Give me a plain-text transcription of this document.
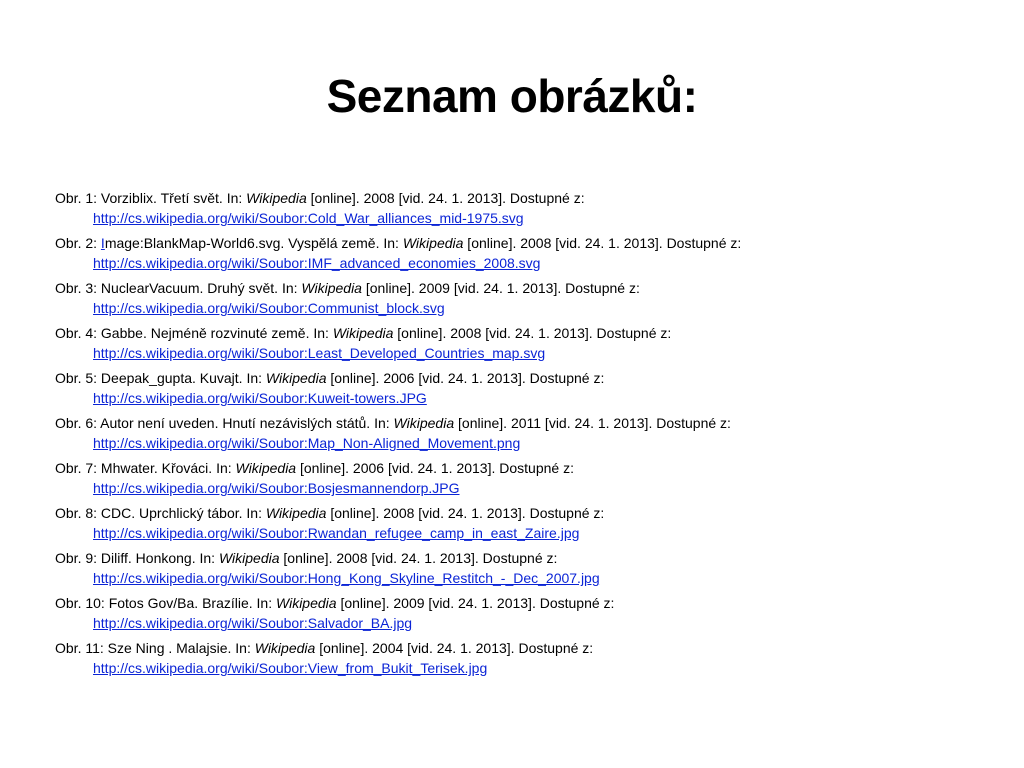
Seznam obrázků:
Obr. 1: Vorziblix. Třetí svět. In: Wikipedia [online]. 2008 [vid. 24. 1. 2013]. Dostupné z:
http://cs.wikipedia.org/wiki/Soubor:Cold_War_alliances_mid-1975.svg
Obr. 2: Image:BlankMap-World6.svg. Vyspělá země. In: Wikipedia [online]. 2008 [vid. 24. 1. 2013]. Dostupné z:
http://cs.wikipedia.org/wiki/Soubor:IMF_advanced_economies_2008.svg
Obr. 3: NuclearVacuum. Druhý svět. In: Wikipedia [online]. 2009 [vid. 24. 1. 2013]. Dostupné z:
http://cs.wikipedia.org/wiki/Soubor:Communist_block.svg
Obr. 4: Gabbe. Nejméně rozvinuté země. In: Wikipedia [online]. 2008 [vid. 24. 1. 2013]. Dostupné z:
http://cs.wikipedia.org/wiki/Soubor:Least_Developed_Countries_map.svg
Obr. 5: Deepak_gupta. Kuvajt. In: Wikipedia [online]. 2006 [vid. 24. 1. 2013]. Dostupné z:
http://cs.wikipedia.org/wiki/Soubor:Kuweit-towers.JPG
Obr. 6: Autor není uveden. Hnutí nezávislých států. In: Wikipedia [online]. 2011 [vid. 24. 1. 2013]. Dostupné z:
http://cs.wikipedia.org/wiki/Soubor:Map_Non-Aligned_Movement.png
Obr. 7: Mhwater. Křováci. In: Wikipedia [online]. 2006 [vid. 24. 1. 2013]. Dostupné z:
http://cs.wikipedia.org/wiki/Soubor:Bosjesmannendorp.JPG
Obr. 8: CDC. Uprchlický tábor. In: Wikipedia [online]. 2008 [vid. 24. 1. 2013]. Dostupné z:
http://cs.wikipedia.org/wiki/Soubor:Rwandan_refugee_camp_in_east_Zaire.jpg
Obr. 9: Diliff. Honkong. In: Wikipedia [online]. 2008 [vid. 24. 1. 2013]. Dostupné z:
http://cs.wikipedia.org/wiki/Soubor:Hong_Kong_Skyline_Restitch_-_Dec_2007.jpg
Obr. 10: Fotos Gov/Ba. Brazílie. In: Wikipedia [online]. 2009 [vid. 24. 1. 2013]. Dostupné z:
http://cs.wikipedia.org/wiki/Soubor:Salvador_BA.jpg
Obr. 11: Sze Ning . Malajsie. In: Wikipedia [online]. 2004 [vid. 24. 1. 2013]. Dostupné z:
http://cs.wikipedia.org/wiki/Soubor:View_from_Bukit_Terisek.jpg
